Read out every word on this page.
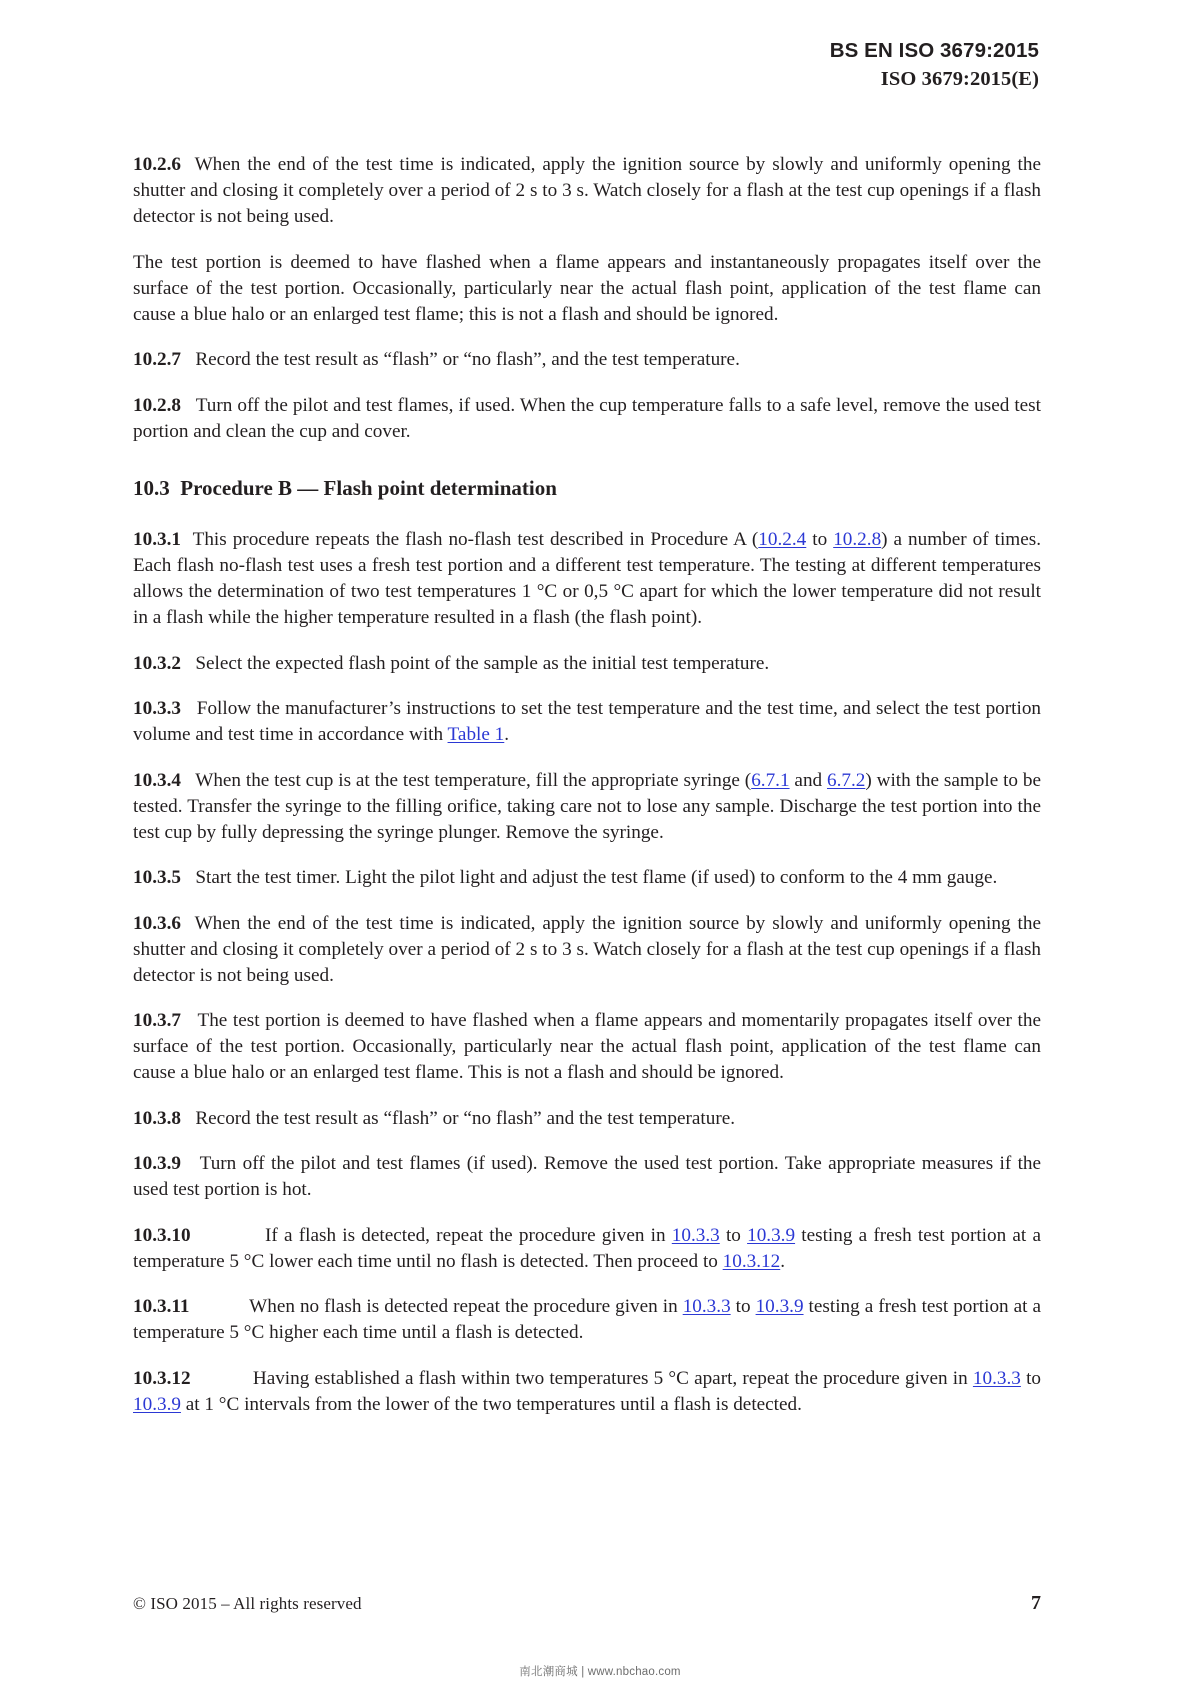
BS EN ISO 3679:2015
ISO 3679:2015(E)

10.2.6 When the end of the test time is indicated, apply the ignition source by slowly and uniformly opening the shutter and closing it completely over a period of 2 s to 3 s. Watch closely for a flash at the test cup openings if a flash detector is not being used.

The test portion is deemed to have flashed when a flame appears and instantaneously propagates itself over the surface of the test portion. Occasionally, particularly near the actual flash point, application of the test flame can cause a blue halo or an enlarged test flame; this is not a flash and should be ignored.

10.2.7 Record the test result as “flash” or “no flash”, and the test temperature.

10.2.8 Turn off the pilot and test flames, if used. When the cup temperature falls to a safe level, remove the used test portion and clean the cup and cover.

10.3 Procedure B — Flash point determination

10.3.1 This procedure repeats the flash no-flash test described in Procedure A (10.2.4 to 10.2.8) a number of times. Each flash no-flash test uses a fresh test portion and a different test temperature. The testing at different temperatures allows the determination of two test temperatures 1 °C or 0,5 °C apart for which the lower temperature did not result in a flash while the higher temperature resulted in a flash (the flash point).

10.3.2 Select the expected flash point of the sample as the initial test temperature.

10.3.3 Follow the manufacturer’s instructions to set the test temperature and the test time, and select the test portion volume and test time in accordance with Table 1.

10.3.4 When the test cup is at the test temperature, fill the appropriate syringe (6.7.1 and 6.7.2) with the sample to be tested. Transfer the syringe to the filling orifice, taking care not to lose any sample. Discharge the test portion into the test cup by fully depressing the syringe plunger. Remove the syringe.

10.3.5 Start the test timer. Light the pilot light and adjust the test flame (if used) to conform to the 4 mm gauge.

10.3.6 When the end of the test time is indicated, apply the ignition source by slowly and uniformly opening the shutter and closing it completely over a period of 2 s to 3 s. Watch closely for a flash at the test cup openings if a flash detector is not being used.

10.3.7 The test portion is deemed to have flashed when a flame appears and momentarily propagates itself over the surface of the test portion. Occasionally, particularly near the actual flash point, application of the test flame can cause a blue halo or an enlarged test flame. This is not a flash and should be ignored.

10.3.8 Record the test result as “flash” or “no flash” and the test temperature.

10.3.9 Turn off the pilot and test flames (if used). Remove the used test portion. Take appropriate measures if the used test portion is hot.

10.3.10	If a flash is detected, repeat the procedure given in 10.3.3 to 10.3.9 testing a fresh test portion at a temperature 5 °C lower each time until no flash is detected. Then proceed to 10.3.12.

10.3.11	When no flash is detected repeat the procedure given in 10.3.3 to 10.3.9 testing a fresh test portion at a temperature 5 °C higher each time until a flash is detected.

10.3.12	Having established a flash within two temperatures 5 °C apart, repeat the procedure given in 10.3.3 to 10.3.9 at 1 °C intervals from the lower of the two temperatures until a flash is detected.

© ISO 2015 – All rights reserved	7
南北潮商城 | www.nbchao.com
